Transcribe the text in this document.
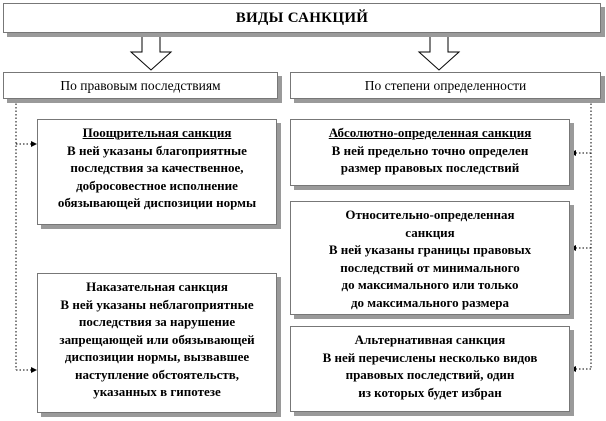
ВИДЫ САНКЦИЙ
По правовым последствиям	По степени определенности
Поощрительная санкция
В ней указаны благоприятные
последствия за качественное,
добросовестное исполнение
обязывающей диспозиции нормы
Наказательная санкция
В ней указаны неблагоприятные
последствия за нарушение
запрещающей или обязывающей
диспозиции нормы, вызвавшее
наступление обстоятельств,
указанных в гипотезе
Абсолютно-определенная санкция
В ней предельно точно определен
размер правовых последствий
Относительно-определенная санкция
В ней указаны границы правовых
последствий от минимального
до максимального или только
до максимального размера
Альтернативная санкция
В ней перечислены несколько видов
правовых последствий, один
из которых будет избран
